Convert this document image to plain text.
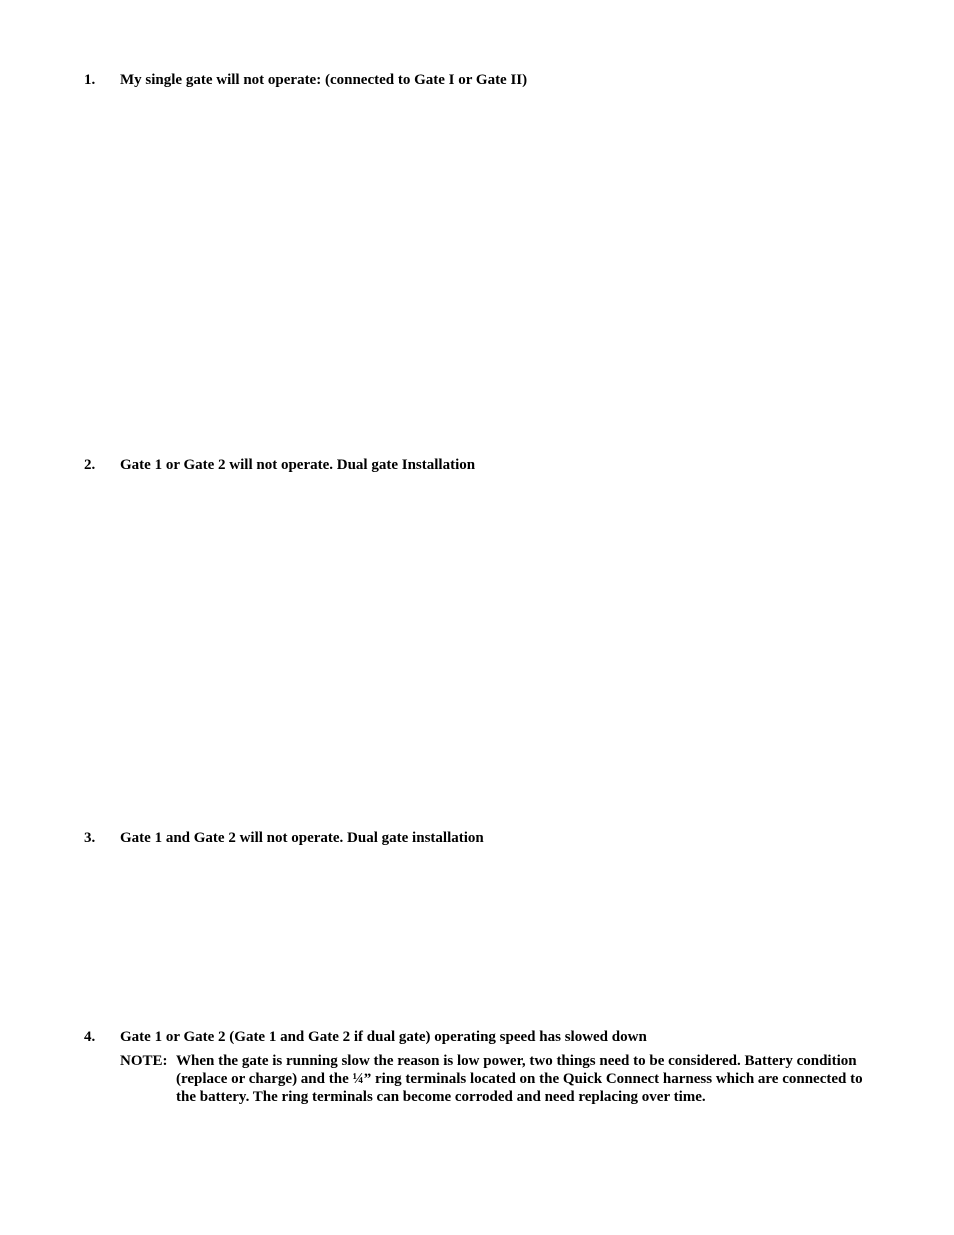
1. My single gate will not operate: (connected to Gate I or Gate II)
2. Gate 1 or Gate 2 will not operate. Dual gate Installation
3. Gate 1 and Gate 2 will not operate. Dual gate installation
4. Gate 1 or Gate 2 (Gate 1 and Gate 2 if dual gate) operating speed has slowed down
NOTE: When the gate is running slow the reason is low power, two things need to be considered. Battery condition (replace or charge) and the ¼” ring terminals located on the Quick Connect harness which are connected to the battery. The ring terminals can become corroded and need replacing over time.
